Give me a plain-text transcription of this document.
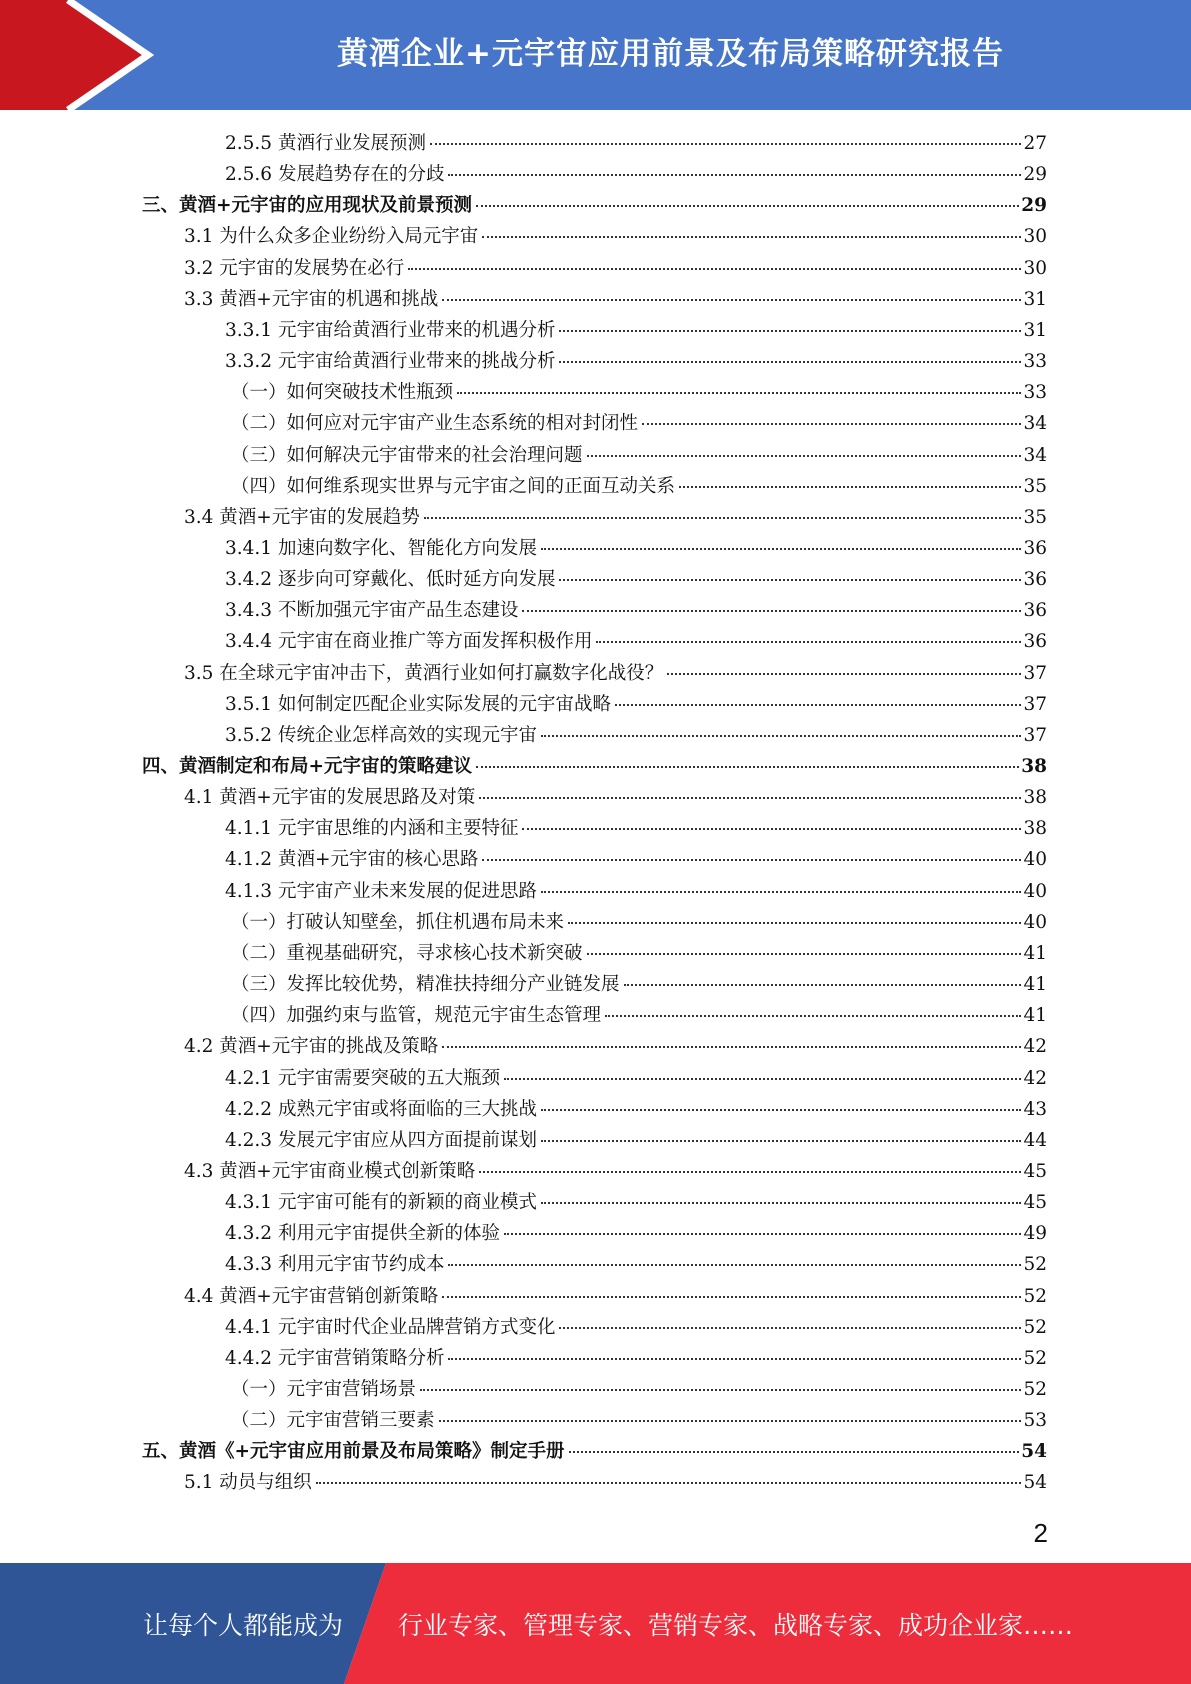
黄酒企业+元宇宙应用前景及布局策略研究报告
2.5.5 黄酒行业发展预测	27
2.5.6 发展趋势存在的分歧	29
三、黄酒+元宇宙的应用现状及前景预测	29
3.1 为什么众多企业纷纷入局元宇宙	30
3.2 元宇宙的发展势在必行	30
3.3 黄酒+元宇宙的机遇和挑战	31
3.3.1 元宇宙给黄酒行业带来的机遇分析	31
3.3.2 元宇宙给黄酒行业带来的挑战分析	33
（一）如何突破技术性瓶颈	33
（二）如何应对元宇宙产业生态系统的相对封闭性	34
（三）如何解决元宇宙带来的社会治理问题	34
（四）如何维系现实世界与元宇宙之间的正面互动关系	35
3.4 黄酒+元宇宙的发展趋势	35
3.4.1 加速向数字化、智能化方向发展	36
3.4.2 逐步向可穿戴化、低时延方向发展	36
3.4.3 不断加强元宇宙产品生态建设	36
3.4.4 元宇宙在商业推广等方面发挥积极作用	36
3.5 在全球元宇宙冲击下，黄酒行业如何打赢数字化战役？	37
3.5.1 如何制定匹配企业实际发展的元宇宙战略	37
3.5.2 传统企业怎样高效的实现元宇宙	37
四、黄酒制定和布局+元宇宙的策略建议	38
4.1 黄酒+元宇宙的发展思路及对策	38
4.1.1 元宇宙思维的内涵和主要特征	38
4.1.2 黄酒+元宇宙的核心思路	40
4.1.3 元宇宙产业未来发展的促进思路	40
（一）打破认知壁垒，抓住机遇布局未来	40
（二）重视基础研究，寻求核心技术新突破	41
（三）发挥比较优势，精准扶持细分产业链发展	41
（四）加强约束与监管，规范元宇宙生态管理	41
4.2 黄酒+元宇宙的挑战及策略	42
4.2.1 元宇宙需要突破的五大瓶颈	42
4.2.2 成熟元宇宙或将面临的三大挑战	43
4.2.3 发展元宇宙应从四方面提前谋划	44
4.3 黄酒+元宇宙商业模式创新策略	45
4.3.1 元宇宙可能有的新颖的商业模式	45
4.3.2 利用元宇宙提供全新的体验	49
4.3.3 利用元宇宙节约成本	52
4.4 黄酒+元宇宙营销创新策略	52
4.4.1 元宇宙时代企业品牌营销方式变化	52
4.4.2 元宇宙营销策略分析	52
（一）元宇宙营销场景	52
（二）元宇宙营销三要素	53
五、黄酒《+元宇宙应用前景及布局策略》制定手册	54
5.1 动员与组织	54
2
让每个人都能成为 行业专家、管理专家、营销专家、战略专家、成功企业家……
